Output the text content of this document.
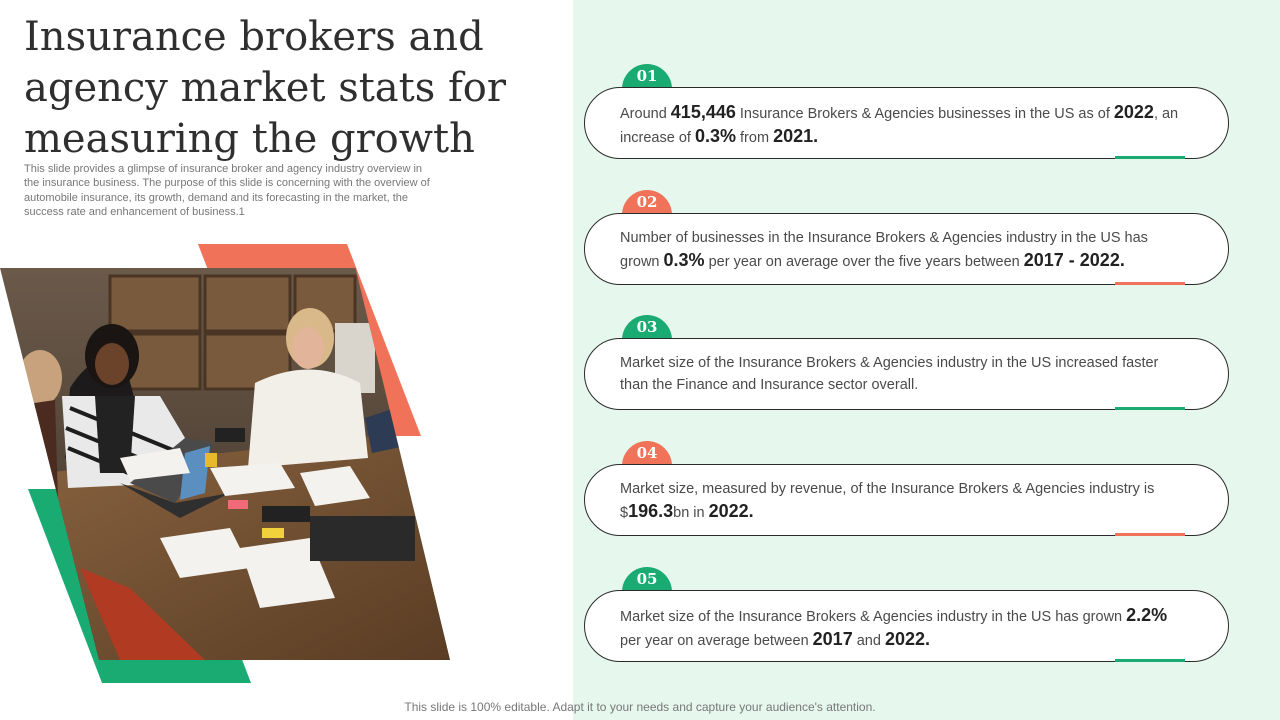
Insurance brokers and agency market stats for measuring the growth

This slide provides a glimpse of insurance broker and agency industry overview in the insurance business. The purpose of this slide is concerning with the overview of automobile insurance, its growth, demand and its forecasting in the market, the success rate and enhancement of business.1

01

Around 415,446 Insurance Brokers & Agencies businesses in the US as of 2022, an increase of 0.3% from 2021.

02

Number of businesses in the Insurance Brokers & Agencies industry in the US has grown 0.3% per year on average over the five years between 2017 - 2022.

03

Market size of the Insurance Brokers & Agencies industry in the US increased faster than the Finance and Insurance sector overall.

04

Market size, measured by revenue, of the Insurance Brokers & Agencies industry is $196.3bn in 2022.

05

Market size of the Insurance Brokers & Agencies industry in the US has grown 2.2% per year on average between 2017 and 2022.

This slide is 100% editable. Adapt it to your needs and capture your audience's attention.
